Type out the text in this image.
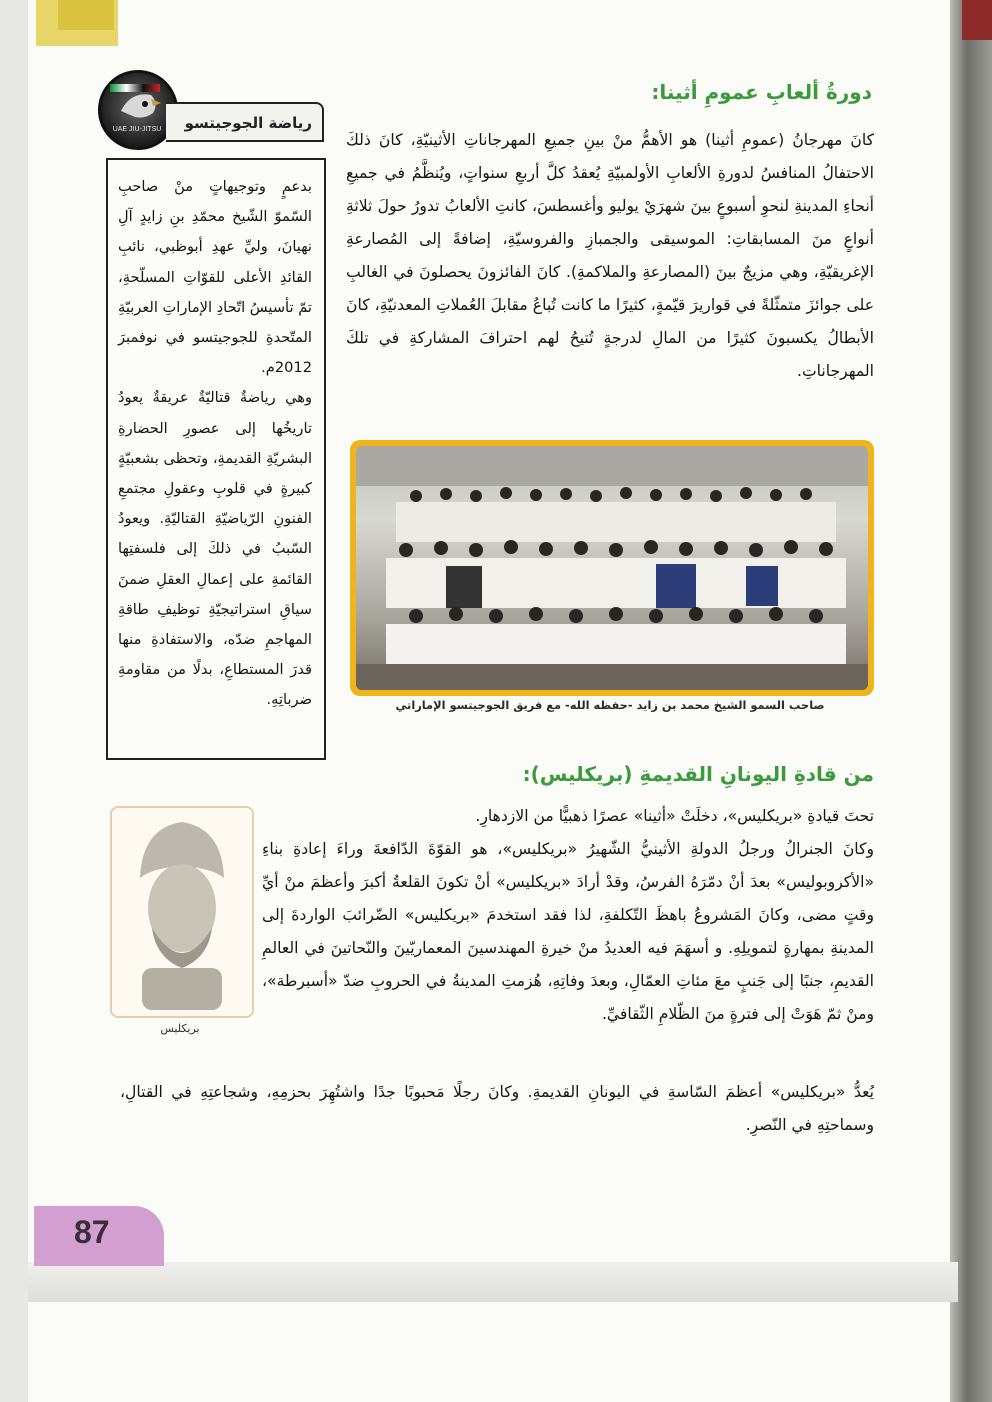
UAE JIU-JITSU	رياضة الجوجيتسو

بدعمٍ وتوجيهاتٍ منْ صاحبِ السّموّ الشّيخ محمّدِ بنِ زايدٍ آلِ نهيانَ، وليِّ عهدِ أبوظبي، نائبِ القائدِ الأعلى للقوّاتِ المسلّحةِ، تمّ تأسيسُ اتّحادِ الإماراتِ العربيّةِ المتّحدةِ للجوجيتسو في نوفمبرَ 2012م.

وهي رياضةٌ قتاليّةٌ عريقةٌ يعودُ تاريخُها إلى عصورِ الحضارةِ البشريّةِ القديمةِ، وتحظى بشعبيّةٍ كبيرةٍ في قلوبِ وعقولِ مجتمعِ الفنونِ الرّياضيّةِ القتاليّةِ. ويعودُ السّببُ في ذلكَ إلى فلسفتِها القائمةِ على إعمالِ العقلِ ضمنَ سياقِ استراتيجيّةِ توظيفِ طاقةِ المهاجمِ ضدّه، والاستفادةِ منها قدرَ المستطاعِ، بدلًا من مقاومةِ ضرباتِهِ.

دورةُ ألعابِ عمومِ أثينا:

كانَ مهرجانُ (عمومِ أثينا) هو الأهمُّ منْ بينِ جميعِ المهرجاناتِ الأثينيّةِ، كانَ ذلكَ الاحتفالُ المنافسُ لدورةِ الألعابِ الأولمبيّةِ يُعقدُ كلَّ أربعِ سنواتٍ، ويُنظَّمُ في جميعِ أنحاءِ المدينةِ لنحوِ أسبوعٍ بينَ شهرَيْ يوليو وأغسطسَ، كانتِ الألعابُ تدورُ حولَ ثلاثةِ أنواعٍ منَ المسابقاتِ: الموسيقى والجمبازِ والفروسيّةِ، إضافةً إلى المُصارعةِ الإغريقيّةِ، وهي مزيجٌ بينَ (المصارعةِ والملاكمةِ). كانَ الفائزونَ يحصلونَ في الغالبِ على جوائزَ متمثّلةً في قواريرَ قيّمةٍ، كثيرًا ما كانت تُباعُ مقابلَ العُملاتِ المعدنيّةِ، كانَ الأبطالُ يكسبونَ كثيرًا من المالِ لدرجةٍ تُتيحُ لهم احترافَ المشاركةِ في تلكَ المهرجاناتِ.

صاحب السمو الشيخ محمد بن زايد -حفظه الله- مع فريق الجوجيتسو الإماراتي
من قادةِ اليونانِ القديمةِ (بريكليس):
بريكليس

تحتَ قيادةِ «بريكليس»، دخلَتْ «أثينا» عصرًا ذهبيًّا من الازدهارِ.

وكانَ الجنرالُ ورجلُ الدولةِ الأثينيُّ الشّهيرُ «بريكليس»، هو القوّةَ الدّافعةَ وراءَ إعادةِ بناءِ «الأكروبوليس» بعدَ أنْ دمّرَهُ الفرسُ، وقدْ أرادَ «بريكليس» أنْ تكونَ القلعةُ أكبرَ وأعظمَ منْ أيِّ وقتٍ مضى، وكانَ المَشروعُ باهظَ التّكلفةِ، لذا فقد استخدمَ «بريكليس» الضّرائبَ الواردةَ إلى المدينةِ بمهارةٍ لتمويلِهِ. و أسهَمَ فيه العديدُ منْ خيرةِ المهندسينَ المعماريّينَ والنّحاتينَ في العالمِ القديمِ، جنبًا إلى جَنبٍ معَ مئاتِ العمّالِ، وبعدَ وفاتِهِ، هُزمتِ المدينةُ في الحروبِ ضدّ «أسبرطة»، ومنْ ثمّ هَوَتْ إلى فترةٍ منَ الظّلامِ الثّقافيِّ.

يُعدُّ «بريكليس» أعظمَ السّاسةِ في اليونانِ القديمةِ. وكانَ رجلًا مَحبوبًا جدًا واشتُهِرَ بحزمِهِ، وشجاعتِهِ في القتالِ، وسماحتِهِ في النّصرِ.

87
